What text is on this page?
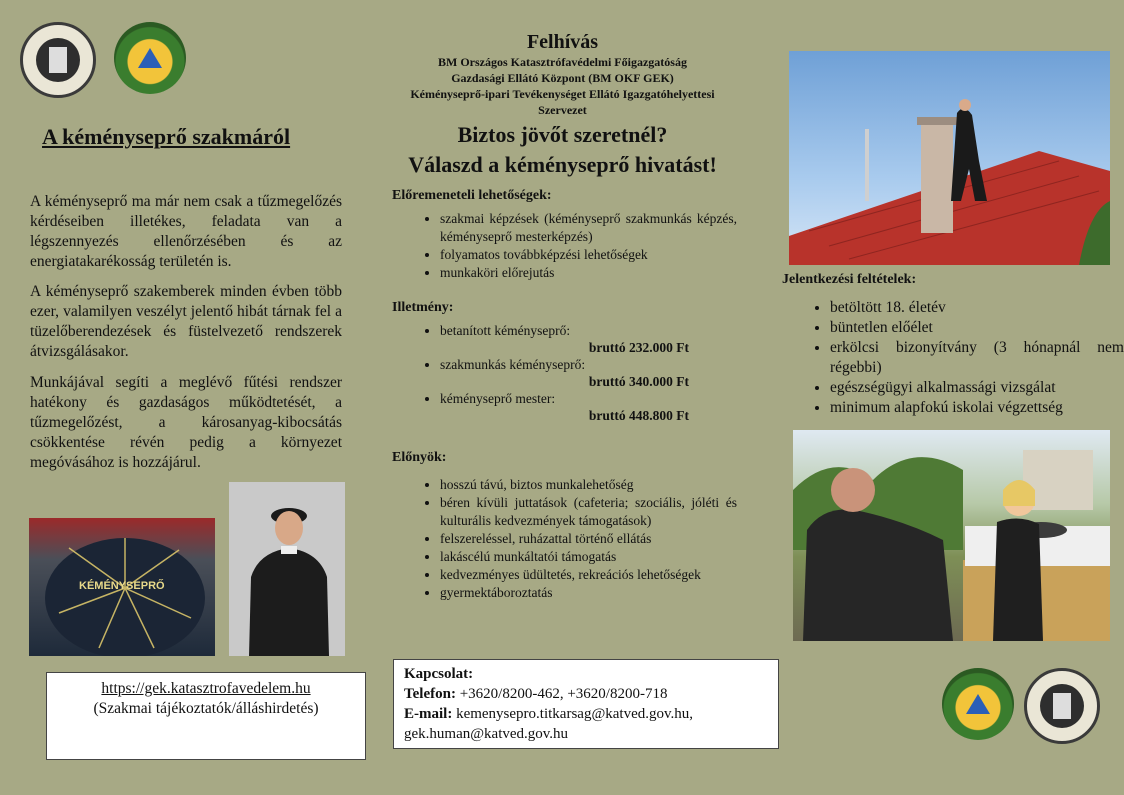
A kéményseprő szakmáról
A kéményseprő ma már nem csak a tűzmegelőzés kérdéseiben illetékes, feladata van a légszennyezés ellenőrzésében és az energiatakarékosság területén is.
A kéményseprő szakemberek minden évben több ezer, valamilyen veszélyt jelentő hibát tárnak fel a tüzelőberendezések és füstelvezető rendszerek átvizsgálásakor.
Munkájával segíti a meglévő fűtési rendszer hatékony és gazdaságos működtetését, a tűzmegelőzést, a károsanyag-kibocsátás csökkentése révén pedig a környezet megóvásához is hozzájárul.
KÉMÉNYSEPRŐ
https://gek.katasztrofavedelem.hu
(Szakmai tájékoztatók/álláshirdetés)
Felhívás
BM Országos Katasztrófavédelmi Főigazgatóság
Gazdasági Ellátó Központ (BM OKF GEK)
Kéményseprő-ipari Tevékenységet Ellátó Igazgatóhelyettesi
Szervezet
Biztos jövőt szeretnél?
Válaszd a kéményseprő hivatást!
Előremeneteli lehetőségek:
• szakmai képzések (kéményseprő szakmunkás képzés, kéményseprő mesterképzés)
• folyamatos továbbképzési lehetőségek
• munkaköri előrejutás
Illetmény:
• betanított kéményseprő:
bruttó 232.000 Ft
• szakmunkás kéményseprő:
bruttó 340.000 Ft
• kéményseprő mester:
bruttó 448.800 Ft
Előnyök:
• hosszú távú, biztos munkalehetőség
• béren kívüli juttatások (cafeteria; szociális, jóléti és kulturális kedvezmények támogatások)
• felszereléssel, ruházattal történő ellátás
• lakáscélú munkáltatói támogatás
• kedvezményes üdültetés, rekreációs lehetőségek
• gyermektáboroztatás
Kapcsolat:
Telefon: +3620/8200-462, +3620/8200-718
E-mail: kemenysepro.titkarsag@katved.gov.hu,
gek.human@katved.gov.hu
Jelentkezési feltételek:
• betöltött 18. életév
• büntetlen előélet
• erkölcsi bizonyítvány (3 hónapnál nem régebbi)
• egészségügyi alkalmassági vizsgálat
• minimum alapfokú iskolai végzettség
